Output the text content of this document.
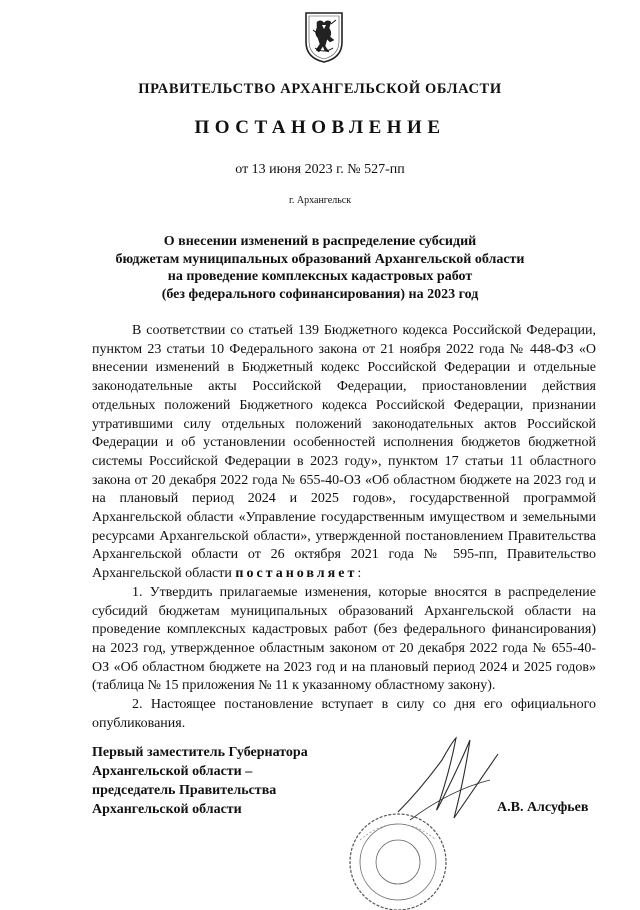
ПРАВИТЕЛЬСТВО АРХАНГЕЛЬСКОЙ ОБЛАСТИ
ПОСТАНОВЛЕНИЕ
от 13 июня 2023 г. № 527-пп
г. Архангельск
О внесении изменений в распределение субсидий
бюджетам муниципальных образований Архангельской области
на проведение комплексных кадастровых работ
(без федерального софинансирования) на 2023 год

В соответствии со статьей 139 Бюджетного кодекса Российской Федерации, пунктом 23 статьи 10 Федерального закона от 21 ноября 2022 года № 448-ФЗ «О внесении изменений в Бюджетный кодекс Российской Федерации и отдельные законодательные акты Российской Федерации, приостановлении действия отдельных положений Бюджетного кодекса Российской Федерации, признании утратившими силу отдельных положений законодательных актов Российской Федерации и об установлении особенностей исполнения бюджетов бюджетной системы Российской Федерации в 2023 году», пунктом 17 статьи 11 областного закона от 20 декабря 2022 года № 655-40-ОЗ «Об областном бюджете на 2023 год и на плановый период 2024 и 2025 годов», государственной программой Архангельской области «Управление государственным имуществом и земельными ресурсами Архангельской области», утвержденной постановлением Правительства Архангельской области от 26 октября 2021 года № 595-пп, Правительство Архангельской области постановляет:

1. Утвердить прилагаемые изменения, которые вносятся в распределение субсидий бюджетам муниципальных образований Архангельской области на проведение комплексных кадастровых работ (без федерального финансирования) на 2023 год, утвержденное областным законом от 20 декабря 2022 года № 655-40-ОЗ «Об областном бюджете на 2023 год и на плановый период 2024 и 2025 годов» (таблица № 15 приложения № 11 к указанному областному закону).

2. Настоящее постановление вступает в силу со дня его официального опубликования.

Первый заместитель Губернатора
Архангельской области –
председатель Правительства
Архангельской области	А.В. Алсуфьев
